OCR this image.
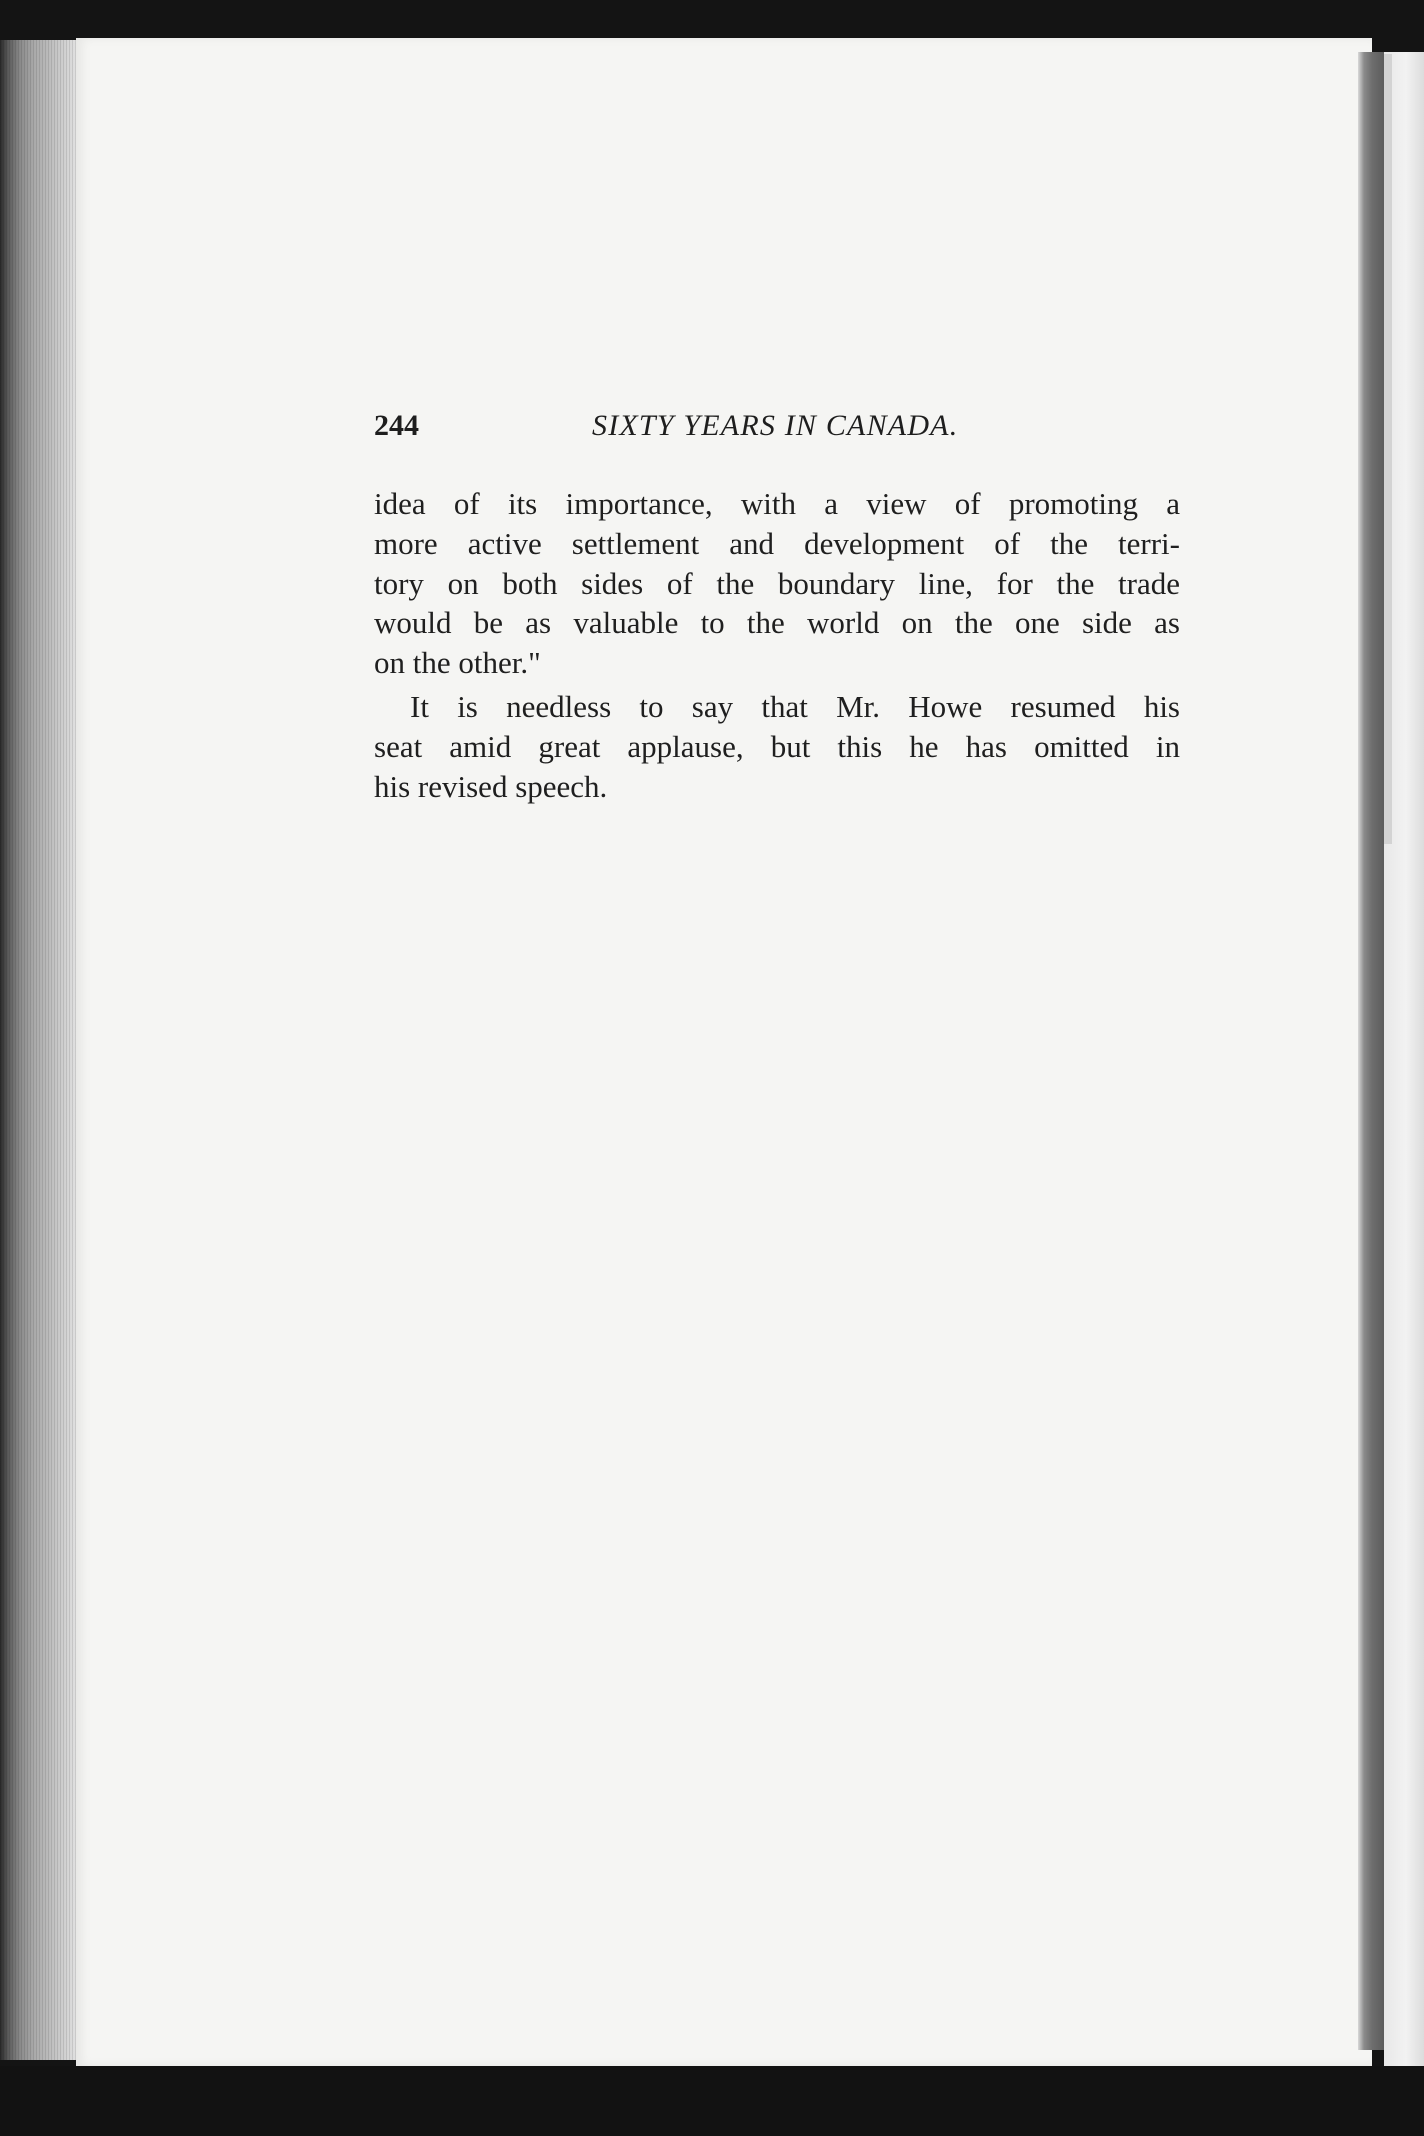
244	SIXTY YEARS IN CANADA.
idea of its importance, with a view of promoting a
more active settlement and development of the terri-
tory on both sides of the boundary line, for the trade
would be as valuable to the world on the one side as
on the other."
It is needless to say that Mr. Howe resumed his
seat amid great applause, but this he has omitted in
his revised speech.
